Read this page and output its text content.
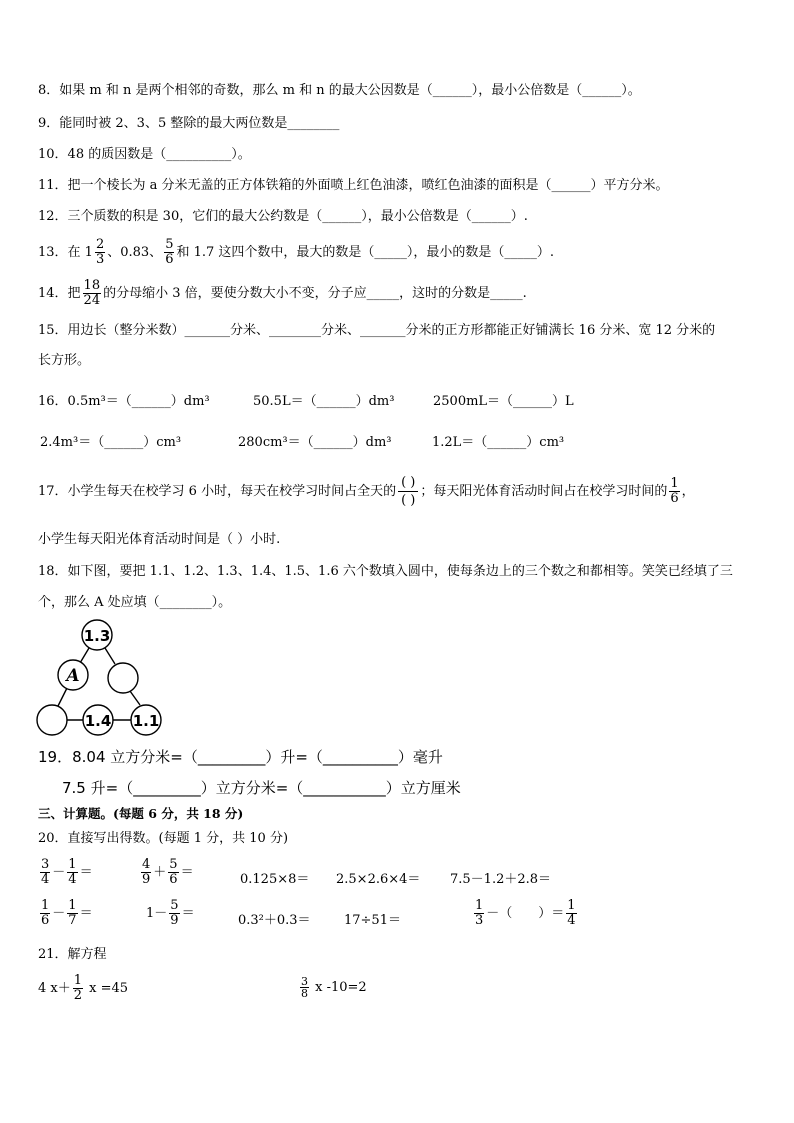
8．如果 m 和 n 是两个相邻的奇数，那么 m 和 n 的最大公因数是（______），最小公倍数是（______）。
9．能同时被 2、3、5 整除的最大两位数是________
10．48 的质因数是（__________）。
11．把一个棱长为 a 分米无盖的正方体铁箱的外面喷上红色油漆，喷红色油漆的面积是（______）平方分米。
12．三个质数的积是 30，它们的最大公约数是（______），最小公倍数是（______）.
13．在 $1 \frac{2}{3}$ 、0.83、 $\frac{5}{6}$ 和 1.7 这四个数中，最大的数是（_____），最小的数是（_____）.
14．把 $\frac{18}{24}$ 的分母缩小 3 倍，要使分数大小不变，分子应_____，这时的分数是_____.
15．用边长（整分米数）_______分米、________分米、_______分米的正方形都能正好铺满长 16 分米、宽 12 分米的
长方形。
16．0.5m³＝（______）dm³	50.5L＝（______）dm³	2500mL＝（______）L
2.4m³＝（______）cm³	280cm³＝（______）dm³	1.2L＝（______）cm³
17．小学生每天在校学习 6 小时，每天在校学习时间占全天的
( )
( )
；每天阳光体育活动时间占在校学习时间的 $\frac{1}{6}$ ，
小学生每天阳光体育活动时间是（ ）小时.
18．如下图，要把 1.1、1.2、1.3、1.4、1.5、1.6 六个数填入圆中，使每条边上的三个数之和都相等。笑笑已经填了三
个，那么 A 处应填（________）。
1.3
A
1.4 1.1
19．8.04 立方分米=（_________）升=（__________）毫升
7.5 升=（_________）立方分米=（___________）立方厘米
三、计算题。(每题 6 分，共 18 分)
20．直接写出得数。(每题 1 分，共 10 分)
$\frac{3}{4} - \frac{1}{4}$ ＝	$\frac{4}{9} + \frac{5}{6}$ ＝	0.125×8＝ 2.5×2.6×4＝ 7.5－1.2＋2.8＝
$\frac{1}{6} - \frac{1}{7}$ ＝	$1- \frac{5}{9}$ ＝	0.3²＋0.3＝	17÷51＝	$\frac{1}{3}$ －（　　）＝ $\frac{1}{4}$
21．解方程
4 $x+ \frac{1}{2}$ x =45	$\frac{3}{8}$ x -10=2
